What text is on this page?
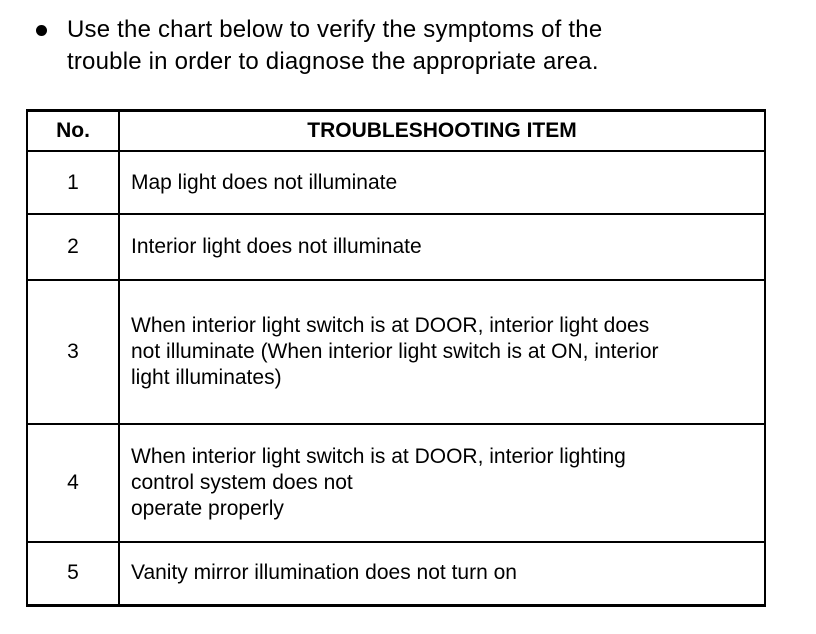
Use the chart below to verify the symptoms of the
trouble in order to diagnose the appropriate area.
No.	TROUBLESHOOTING ITEM
1	Map light does not illuminate

2	Interior light does not illuminate

3	When interior light switch is at DOOR, interior light does
not illuminate (When interior light switch is at ON, interior
light illuminates)

4	When interior light switch is at DOOR, interior lighting
control system does not
operate properly

5	Vanity mirror illumination does not turn on
